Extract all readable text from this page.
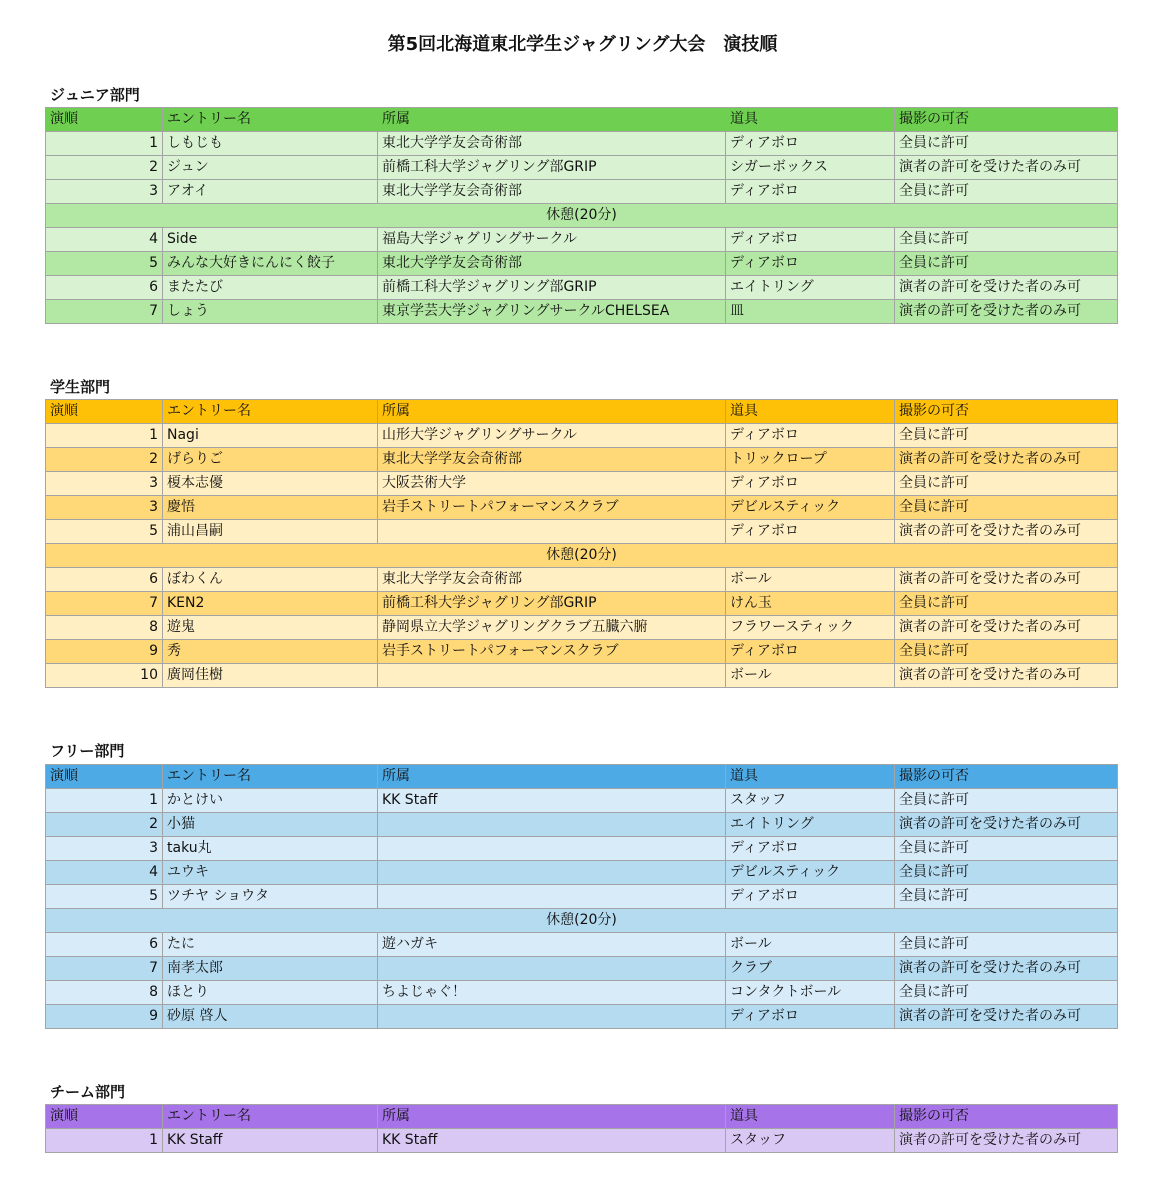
第5回北海道東北学生ジャグリング大会　演技順
ジュニア部門
演順	エントリー名	所属	道具	撮影の可否
1	しもじも	東北大学学友会奇術部	ディアボロ	全員に許可
2	ジュン	前橋工科大学ジャグリング部GRIP	シガーボックス	演者の許可を受けた者のみ可
3	アオイ	東北大学学友会奇術部	ディアボロ	全員に許可
休憩(20分)				
4	Side	福島大学ジャグリングサークル	ディアボロ	全員に許可
5	みんな大好きにんにく餃子	東北大学学友会奇術部	ディアボロ	全員に許可
6	またたび	前橋工科大学ジャグリング部GRIP	エイトリング	演者の許可を受けた者のみ可
7	しょう	東京学芸大学ジャグリングサークルCHELSEA	皿	演者の許可を受けた者のみ可
学生部門
演順	エントリー名	所属	道具	撮影の可否
1	Nagi	山形大学ジャグリングサークル	ディアボロ	全員に許可
2	げらりご	東北大学学友会奇術部	トリックロープ	演者の許可を受けた者のみ可
3	榎本志優	大阪芸術大学	ディアボロ	全員に許可
3	慶悟	岩手ストリートパフォーマンスクラブ	デビルスティック	全員に許可
5	浦山昌嗣		ディアボロ	演者の許可を受けた者のみ可
休憩(20分)				
6	ぼわくん	東北大学学友会奇術部	ボール	演者の許可を受けた者のみ可
7	KEN2	前橋工科大学ジャグリング部GRIP	けん玉	全員に許可
8	遊鬼	静岡県立大学ジャグリングクラブ五臓六腑	フラワースティック	演者の許可を受けた者のみ可
9	秀	岩手ストリートパフォーマンスクラブ	ディアボロ	全員に許可
10	廣岡佳樹		ボール	演者の許可を受けた者のみ可
フリー部門
演順	エントリー名	所属	道具	撮影の可否
1	かとけい	KK Staff	スタッフ	全員に許可
2	小猫		エイトリング	演者の許可を受けた者のみ可
3	taku丸		ディアボロ	全員に許可
4	ユウキ		デビルスティック	全員に許可
5	ツチヤ ショウタ		ディアボロ	全員に許可
休憩(20分)				
6	たに	遊ハガキ	ボール	全員に許可
7	南孝太郎		クラブ	演者の許可を受けた者のみ可
8	ほとり	ちよじゃぐ！	コンタクトボール	全員に許可
9	砂原 啓人		ディアボロ	演者の許可を受けた者のみ可
チーム部門
演順	エントリー名	所属	道具	撮影の可否
1	KK Staff	KK Staff	スタッフ	演者の許可を受けた者のみ可
